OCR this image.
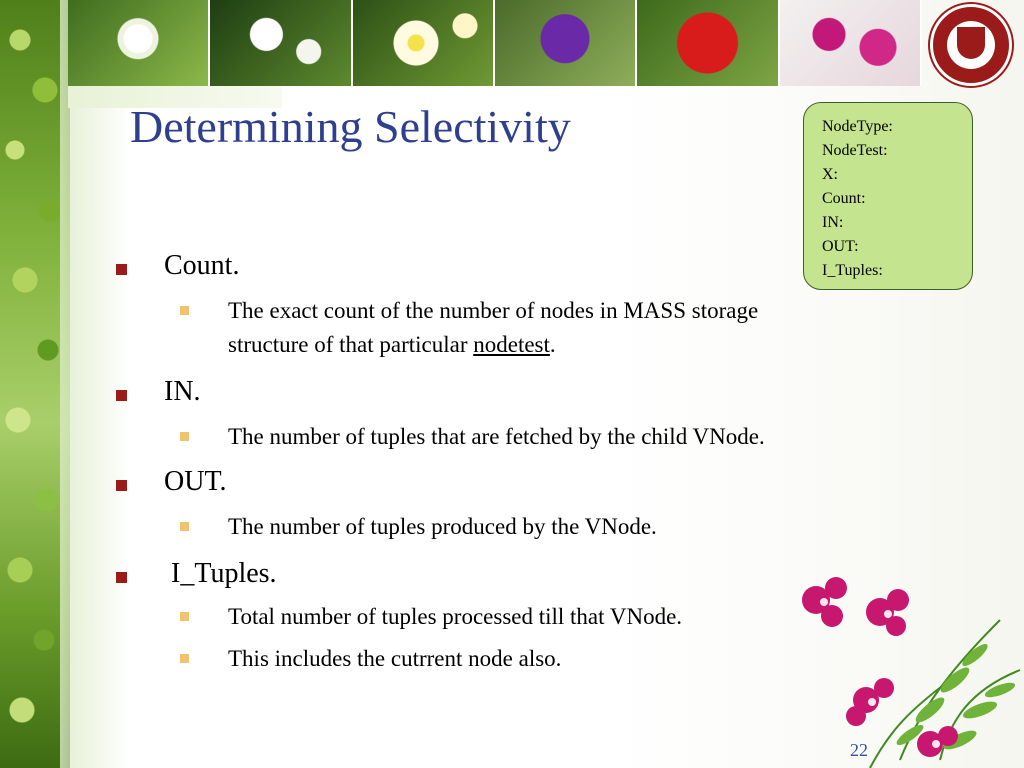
Determining Selectivity	NodeType:
NodeTest:
X:
Count:
IN:
OUT:
I_Tuples:
Count.
The exact count of the number of nodes in MASS storage
structure of that particular nodetest.
IN.
The number of tuples that are fetched by the child VNode.
OUT.
The number of tuples produced by the VNode.
I_Tuples.
Total number of tuples processed till that VNode.
This includes the cutrrent node also.
22
